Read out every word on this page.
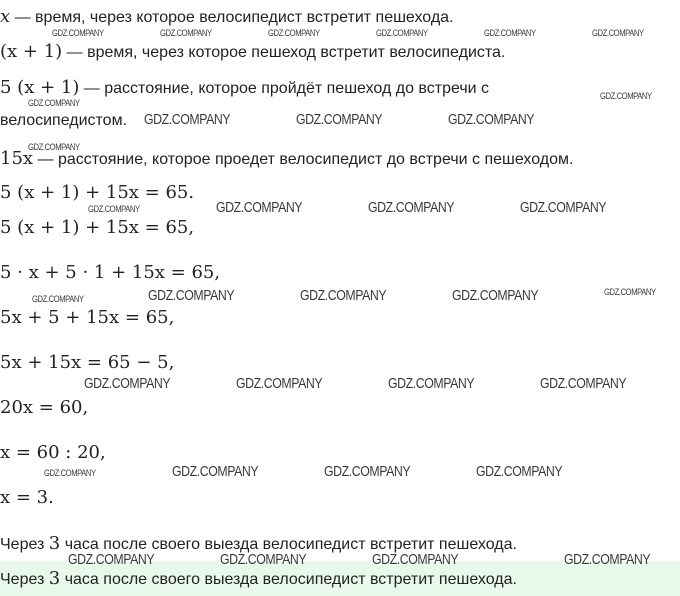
x — время, через которое велосипедист встретит пешехода.
(x + 1) — время, через которое пешеход встретит велосипедиста.
5 (x + 1) — расстояние, которое пройдёт пешеход до встречи с
велосипедистом.
15x — расстояние, которое проедет велосипедист до встречи с пешеходом.
5 (x + 1) + 15x = 65.
5 (x + 1) + 15x = 65,
5 · x + 5 · 1 + 15x = 65,
5x + 5 + 15x = 65,
5x + 15x = 65 − 5,
20x = 60,
x = 60 : 20,
x = 3.
Через 3 часа после своего выезда велосипедист встретит пешехода.
Через 3 часа после своего выезда велосипедист встретит пешехода.
GDZ.COMPANY	GDZ.COMPANY	GDZ.COMPANY	GDZ.COMPANY	GDZ.COMPANY	GDZ.COMPANY
GDZ.COMPANY
GDZ.COMPANY
GDZ.COMPANY	GDZ.COMPANY	GDZ.COMPANY
GDZ.COMPANY
GDZ.COMPANY	GDZ.COMPANY	GDZ.COMPANY	GDZ.COMPANY
GDZ.COMPANY	GDZ.COMPANY	GDZ.COMPANY	GDZ.COMPANY	GDZ.COMPANY
GDZ.COMPANY	GDZ.COMPANY	GDZ.COMPANY	GDZ.COMPANY
GDZ.COMPANY	GDZ.COMPANY	GDZ.COMPANY	GDZ.COMPANY
GDZ.COMPANY	GDZ.COMPANY	GDZ.COMPANY	GDZ.COMPANY
